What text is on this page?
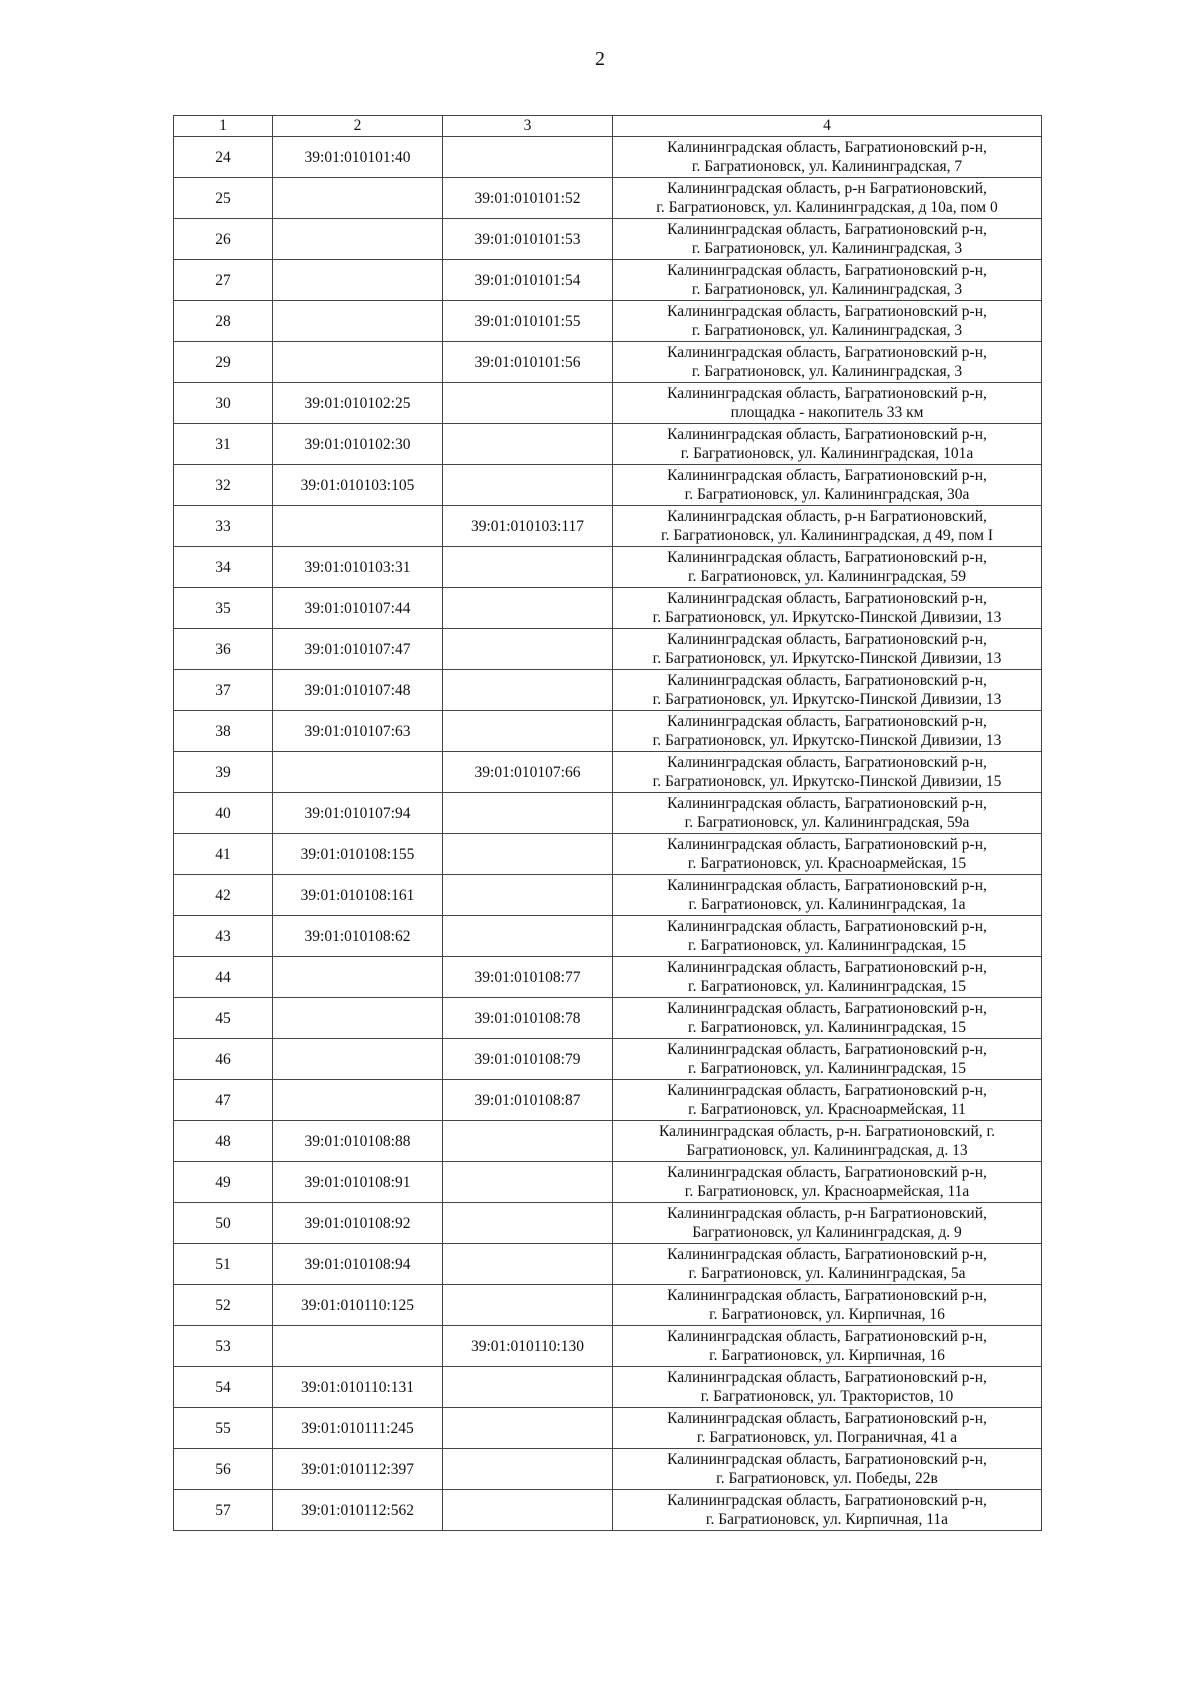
2
1	2	3	4
24	39:01:010101:40		Калининградская область, Багратионовский р-н,
г. Багратионовск, ул. Калининградская, 7

25		39:01:010101:52	Калининградская область, р-н Багратионовский,
г. Багратионовск, ул. Калининградская, д 10а, пом 0

26		39:01:010101:53	Калининградская область, Багратионовский р-н,
г. Багратионовск, ул. Калининградская, 3

27		39:01:010101:54	Калининградская область, Багратионовский р-н,
г. Багратионовск, ул. Калининградская, 3

28		39:01:010101:55	Калининградская область, Багратионовский р-н,
г. Багратионовск, ул. Калининградская, 3

29		39:01:010101:56	Калининградская область, Багратионовский р-н,
г. Багратионовск, ул. Калининградская, 3

30	39:01:010102:25		Калининградская область, Багратионовский р-н,
площадка - накопитель 33 км

31	39:01:010102:30		Калининградская область, Багратионовский р-н,
г. Багратионовск, ул. Калининградская, 101а

32	39:01:010103:105		Калининградская область, Багратионовский р-н,
г. Багратионовск, ул. Калининградская, 30а

33		39:01:010103:117	Калининградская область, р-н Багратионовский,
г. Багратионовск, ул. Калининградская, д 49, пом I

34	39:01:010103:31		Калининградская область, Багратионовский р-н,
г. Багратионовск, ул. Калининградская, 59

35	39:01:010107:44		Калининградская область, Багратионовский р-н,
г. Багратионовск, ул. Иркутско-Пинской Дивизии, 13

36	39:01:010107:47		Калининградская область, Багратионовский р-н,
г. Багратионовск, ул. Иркутско-Пинской Дивизии, 13

37	39:01:010107:48		Калининградская область, Багратионовский р-н,
г. Багратионовск, ул. Иркутско-Пинской Дивизии, 13

38	39:01:010107:63		Калининградская область, Багратионовский р-н,
г. Багратионовск, ул. Иркутско-Пинской Дивизии, 13

39		39:01:010107:66	Калининградская область, Багратионовский р-н,
г. Багратионовск, ул. Иркутско-Пинской Дивизии, 15

40	39:01:010107:94		Калининградская область, Багратионовский р-н,
г. Багратионовск, ул. Калининградская, 59а

41	39:01:010108:155		Калининградская область, Багратионовский р-н,
г. Багратионовск, ул. Красноармейская, 15

42	39:01:010108:161		Калининградская область, Багратионовский р-н,
г. Багратионовск, ул. Калининградская, 1а

43	39:01:010108:62		Калининградская область, Багратионовский р-н,
г. Багратионовск, ул. Калининградская, 15

44		39:01:010108:77	Калининградская область, Багратионовский р-н,
г. Багратионовск, ул. Калининградская, 15

45		39:01:010108:78	Калининградская область, Багратионовский р-н,
г. Багратионовск, ул. Калининградская, 15

46		39:01:010108:79	Калининградская область, Багратионовский р-н,
г. Багратионовск, ул. Калининградская, 15

47		39:01:010108:87	Калининградская область, Багратионовский р-н,
г. Багратионовск, ул. Красноармейская, 11

48	39:01:010108:88		Калининградская область, р-н. Багратионовский, г.
Багратионовск, ул. Калининградская, д. 13

49	39:01:010108:91		Калининградская область, Багратионовский р-н,
г. Багратионовск, ул. Красноармейская, 11а

50	39:01:010108:92		Калининградская область, р-н Багратионовский,
Багратионовск, ул Калининградская, д. 9

51	39:01:010108:94		Калининградская область, Багратионовский р-н,
г. Багратионовск, ул. Калининградская, 5а

52	39:01:010110:125		Калининградская область, Багратионовский р-н,
г. Багратионовск, ул. Кирпичная, 16

53		39:01:010110:130	Калининградская область, Багратионовский р-н,
г. Багратионовск, ул. Кирпичная, 16

54	39:01:010110:131		Калининградская область, Багратионовский р-н,
г. Багратионовск, ул. Трактористов, 10

55	39:01:010111:245		Калининградская область, Багратионовский р-н,
г. Багратионовск, ул. Пограничная, 41 а

56	39:01:010112:397		Калининградская область, Багратионовский р-н,
г. Багратионовск, ул. Победы, 22в

57	39:01:010112:562		Калининградская область, Багратионовский р-н,
г. Багратионовск, ул. Кирпичная, 11а
